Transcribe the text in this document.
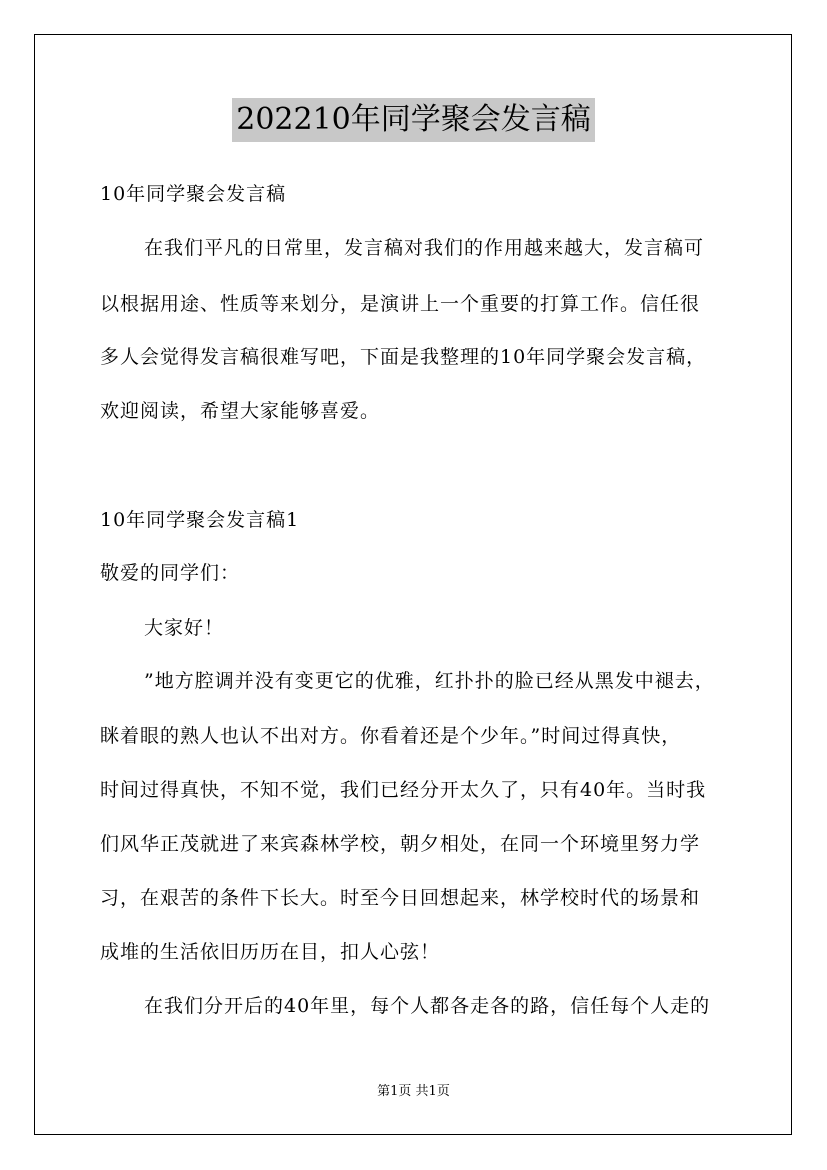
202210年同学聚会发言稿
10年同学聚会发言稿
在我们平凡的日常里，发言稿对我们的作用越来越大，发言稿可
以根据用途、性质等来划分，是演讲上一个重要的打算工作。信任很
多人会觉得发言稿很难写吧，下面是我整理的10年同学聚会发言稿，
欢迎阅读，希望大家能够喜爱。
10年同学聚会发言稿1
敬爱的同学们：
大家好！
”地方腔调并没有变更它的优雅，红扑扑的脸已经从黑发中褪去，
眯着眼的熟人也认不出对方。你看着还是个少年。”时间过得真快，
时间过得真快，不知不觉，我们已经分开太久了，只有40年。当时我
们风华正茂就进了来宾森林学校，朝夕相处，在同一个环境里努力学
习，在艰苦的条件下长大。时至今日回想起来，林学校时代的场景和
成堆的生活依旧历历在目，扣人心弦！
在我们分开后的40年里，每个人都各走各的路，信任每个人走的
第1页 共1页
